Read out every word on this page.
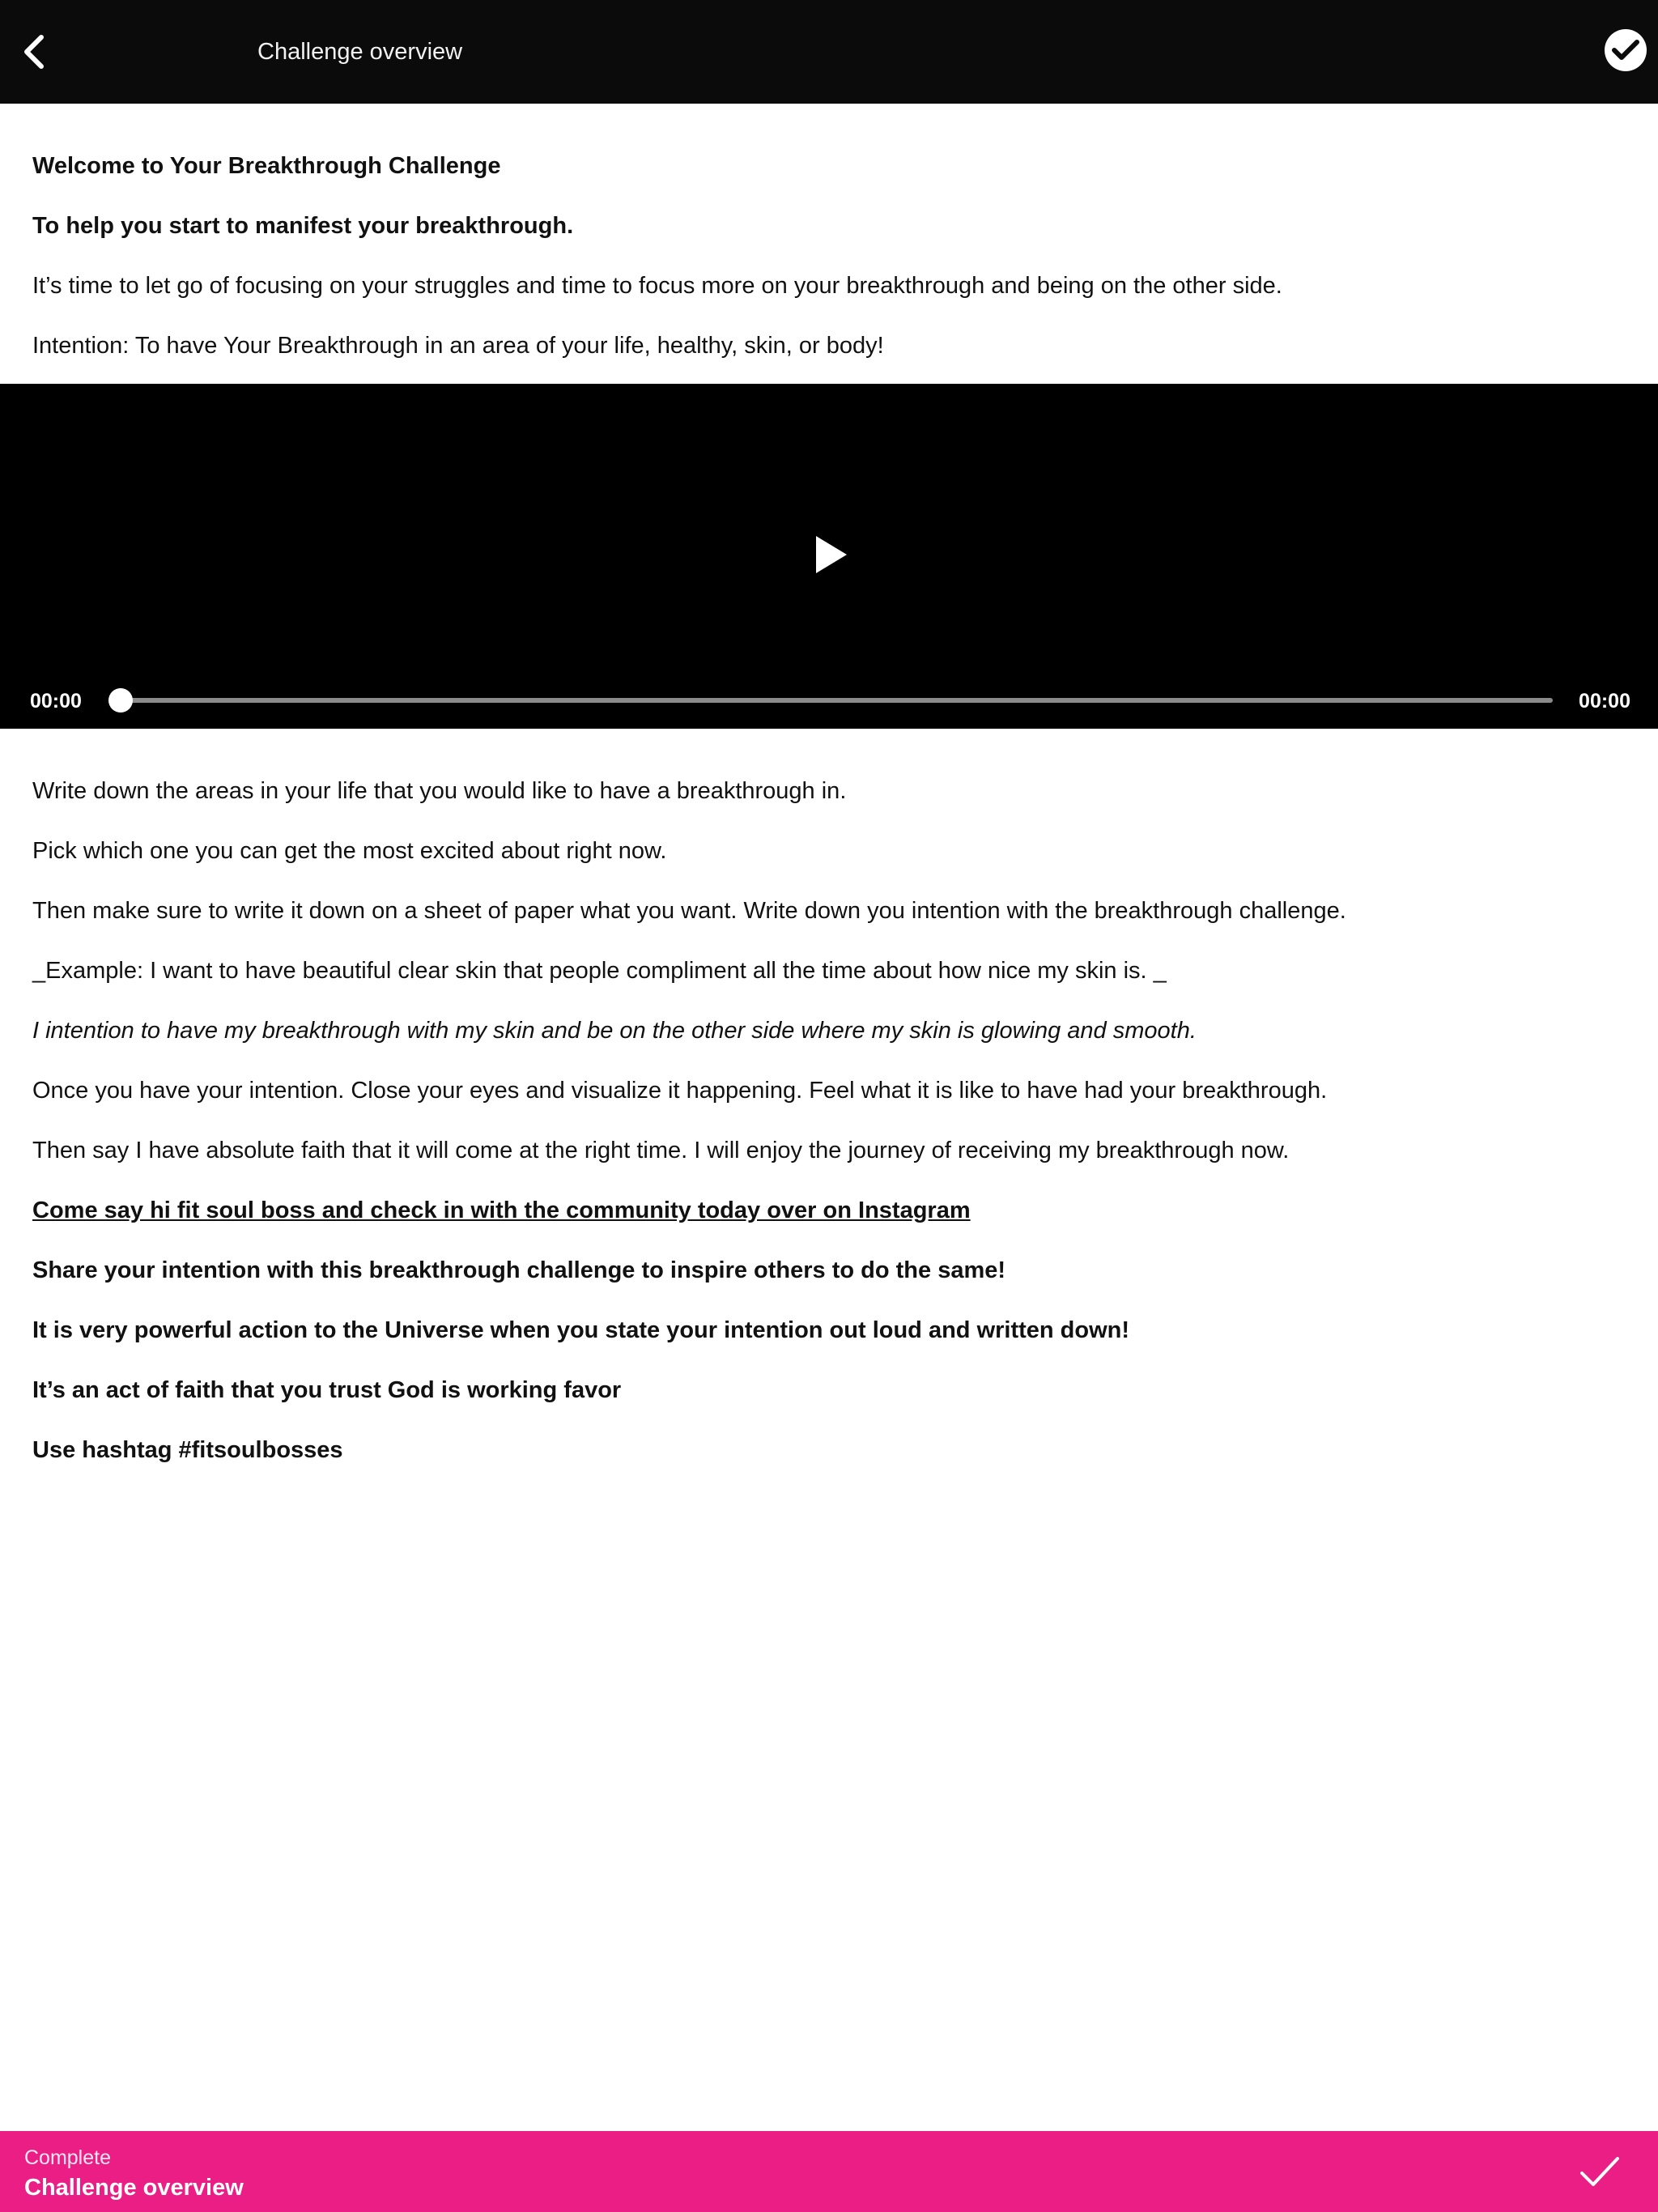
Challenge overview

Welcome to Your Breakthrough Challenge

To help you start to manifest your breakthrough.

It’s time to let go of focusing on your struggles and time to focus more on your breakthrough and being on the other side.

Intention: To have Your Breakthrough in an area of your life, healthy, skin, or body!

00:00	00:00

Write down the areas in your life that you would like to have a breakthrough in.

Pick which one you can get the most excited about right now.

Then make sure to write it down on a sheet of paper what you want. Write down you intention with the breakthrough challenge.

_Example: I want to have beautiful clear skin that people compliment all the time about how nice my skin is. _

I intention to have my breakthrough with my skin and be on the other side where my skin is glowing and smooth.

Once you have your intention. Close your eyes and visualize it happening. Feel what it is like to have had your breakthrough.

Then say I have absolute faith that it will come at the right time. I will enjoy the journey of receiving my breakthrough now.

Come say hi fit soul boss and check in with the community today over on Instagram

Share your intention with this breakthrough challenge to inspire others to do the same!

It is very powerful action to the Universe when you state your intention out loud and written down!

It’s an act of faith that you trust God is working favor

Use hashtag #fitsoulbosses

Complete
Challenge overview
